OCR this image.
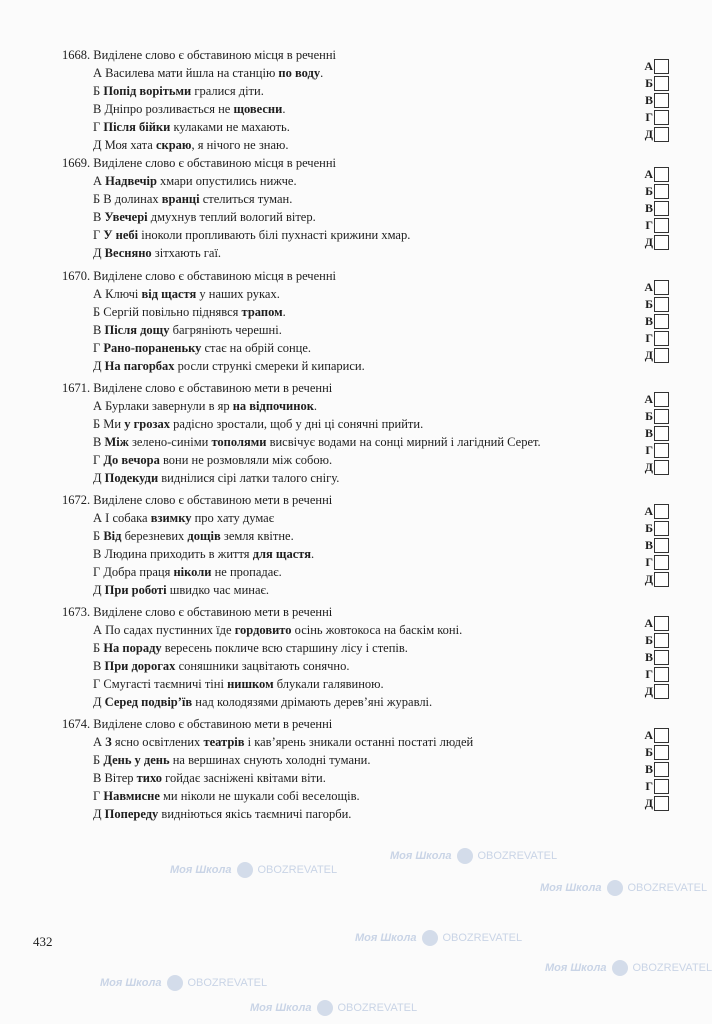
Моя Школа OBOZREVATEL
Моя Школа OBOZREVATEL
Моя Школа OBOZREVATEL
Моя Школа OBOZREVATEL
Моя Школа OBOZREVATEL
Моя Школа OBOZREVATEL
Моя Школа OBOZREVATEL
1668. Виділене слово є обставиною місця в реченні
А Василева мати йшла на станцію по воду.
Б Попід ворітьми гралися діти.
В Дніпро розливається не щовесни.
Г Після бійки кулаками не махають.
Д Моя хата скраю, я нічого не знаю.
А
Б
В
Г
Д
1669. Виділене слово є обставиною місця в реченні
А Надвечір хмари опустились нижче.
Б В долинах вранці стелиться туман.
В Увечері дмухнув теплий вологий вітер.
Г У небі іноколи пропливають білі пухнасті крижини хмар.
Д Весняно зітхають гаї.
А
Б
В
Г
Д
1670. Виділене слово є обставиною місця в реченні
А Ключі від щастя у наших руках.
Б Сергій повільно піднявся трапом.
В Після дощу багряніють черешні.
Г Рано-пораненьку стає на обрій сонце.
Д На пагорбах росли стрункі смереки й кипариси.
А
Б
В
Г
Д
1671. Виділене слово є обставиною мети в реченні
А Бурлаки завернули в яр на відпочинок.
Б Ми у грозах радісно зростали, щоб у дні ці сонячні прийти.
В Між зелено-синіми тополями висвічує водами на сонці мирний і лагідний Серет.
Г До вечора вони не розмовляли між собою.
Д Подекуди виднілися сірі латки талого снігу.
А
Б
В
Г
Д
1672. Виділене слово є обставиною мети в реченні
А І собака взимку про хату думає
Б Від березневих дощів земля квітне.
В Людина приходить в життя для щастя.
Г Добра праця ніколи не пропадає.
Д При роботі швидко час минає.
А
Б
В
Г
Д
1673. Виділене слово є обставиною мети в реченні
А По садах пустинних їде гордовито осінь жовтокоса на баскім коні.
Б На пораду вересень покличе всю старшину лісу і степів.
В При дорогах соняшники зацвітають сонячно.
Г Смугасті таємничі тіні нишком блукали галявиною.
Д Серед подвір’їв над колодязями дрімають дерев’яні журавлі.
А
Б
В
Г
Д
1674. Виділене слово є обставиною мети в реченні
А З ясно освітлених театрів і кав’ярень зникали останні постаті людей
Б День у день на вершинах снують холодні тумани.
В Вітер тихо гойдає засніжені квітами віти.
Г Навмисне ми ніколи не шукали собі веселощів.
Д Попереду видніються якісь таємничі пагорби.
А
Б
В
Г
Д
432
